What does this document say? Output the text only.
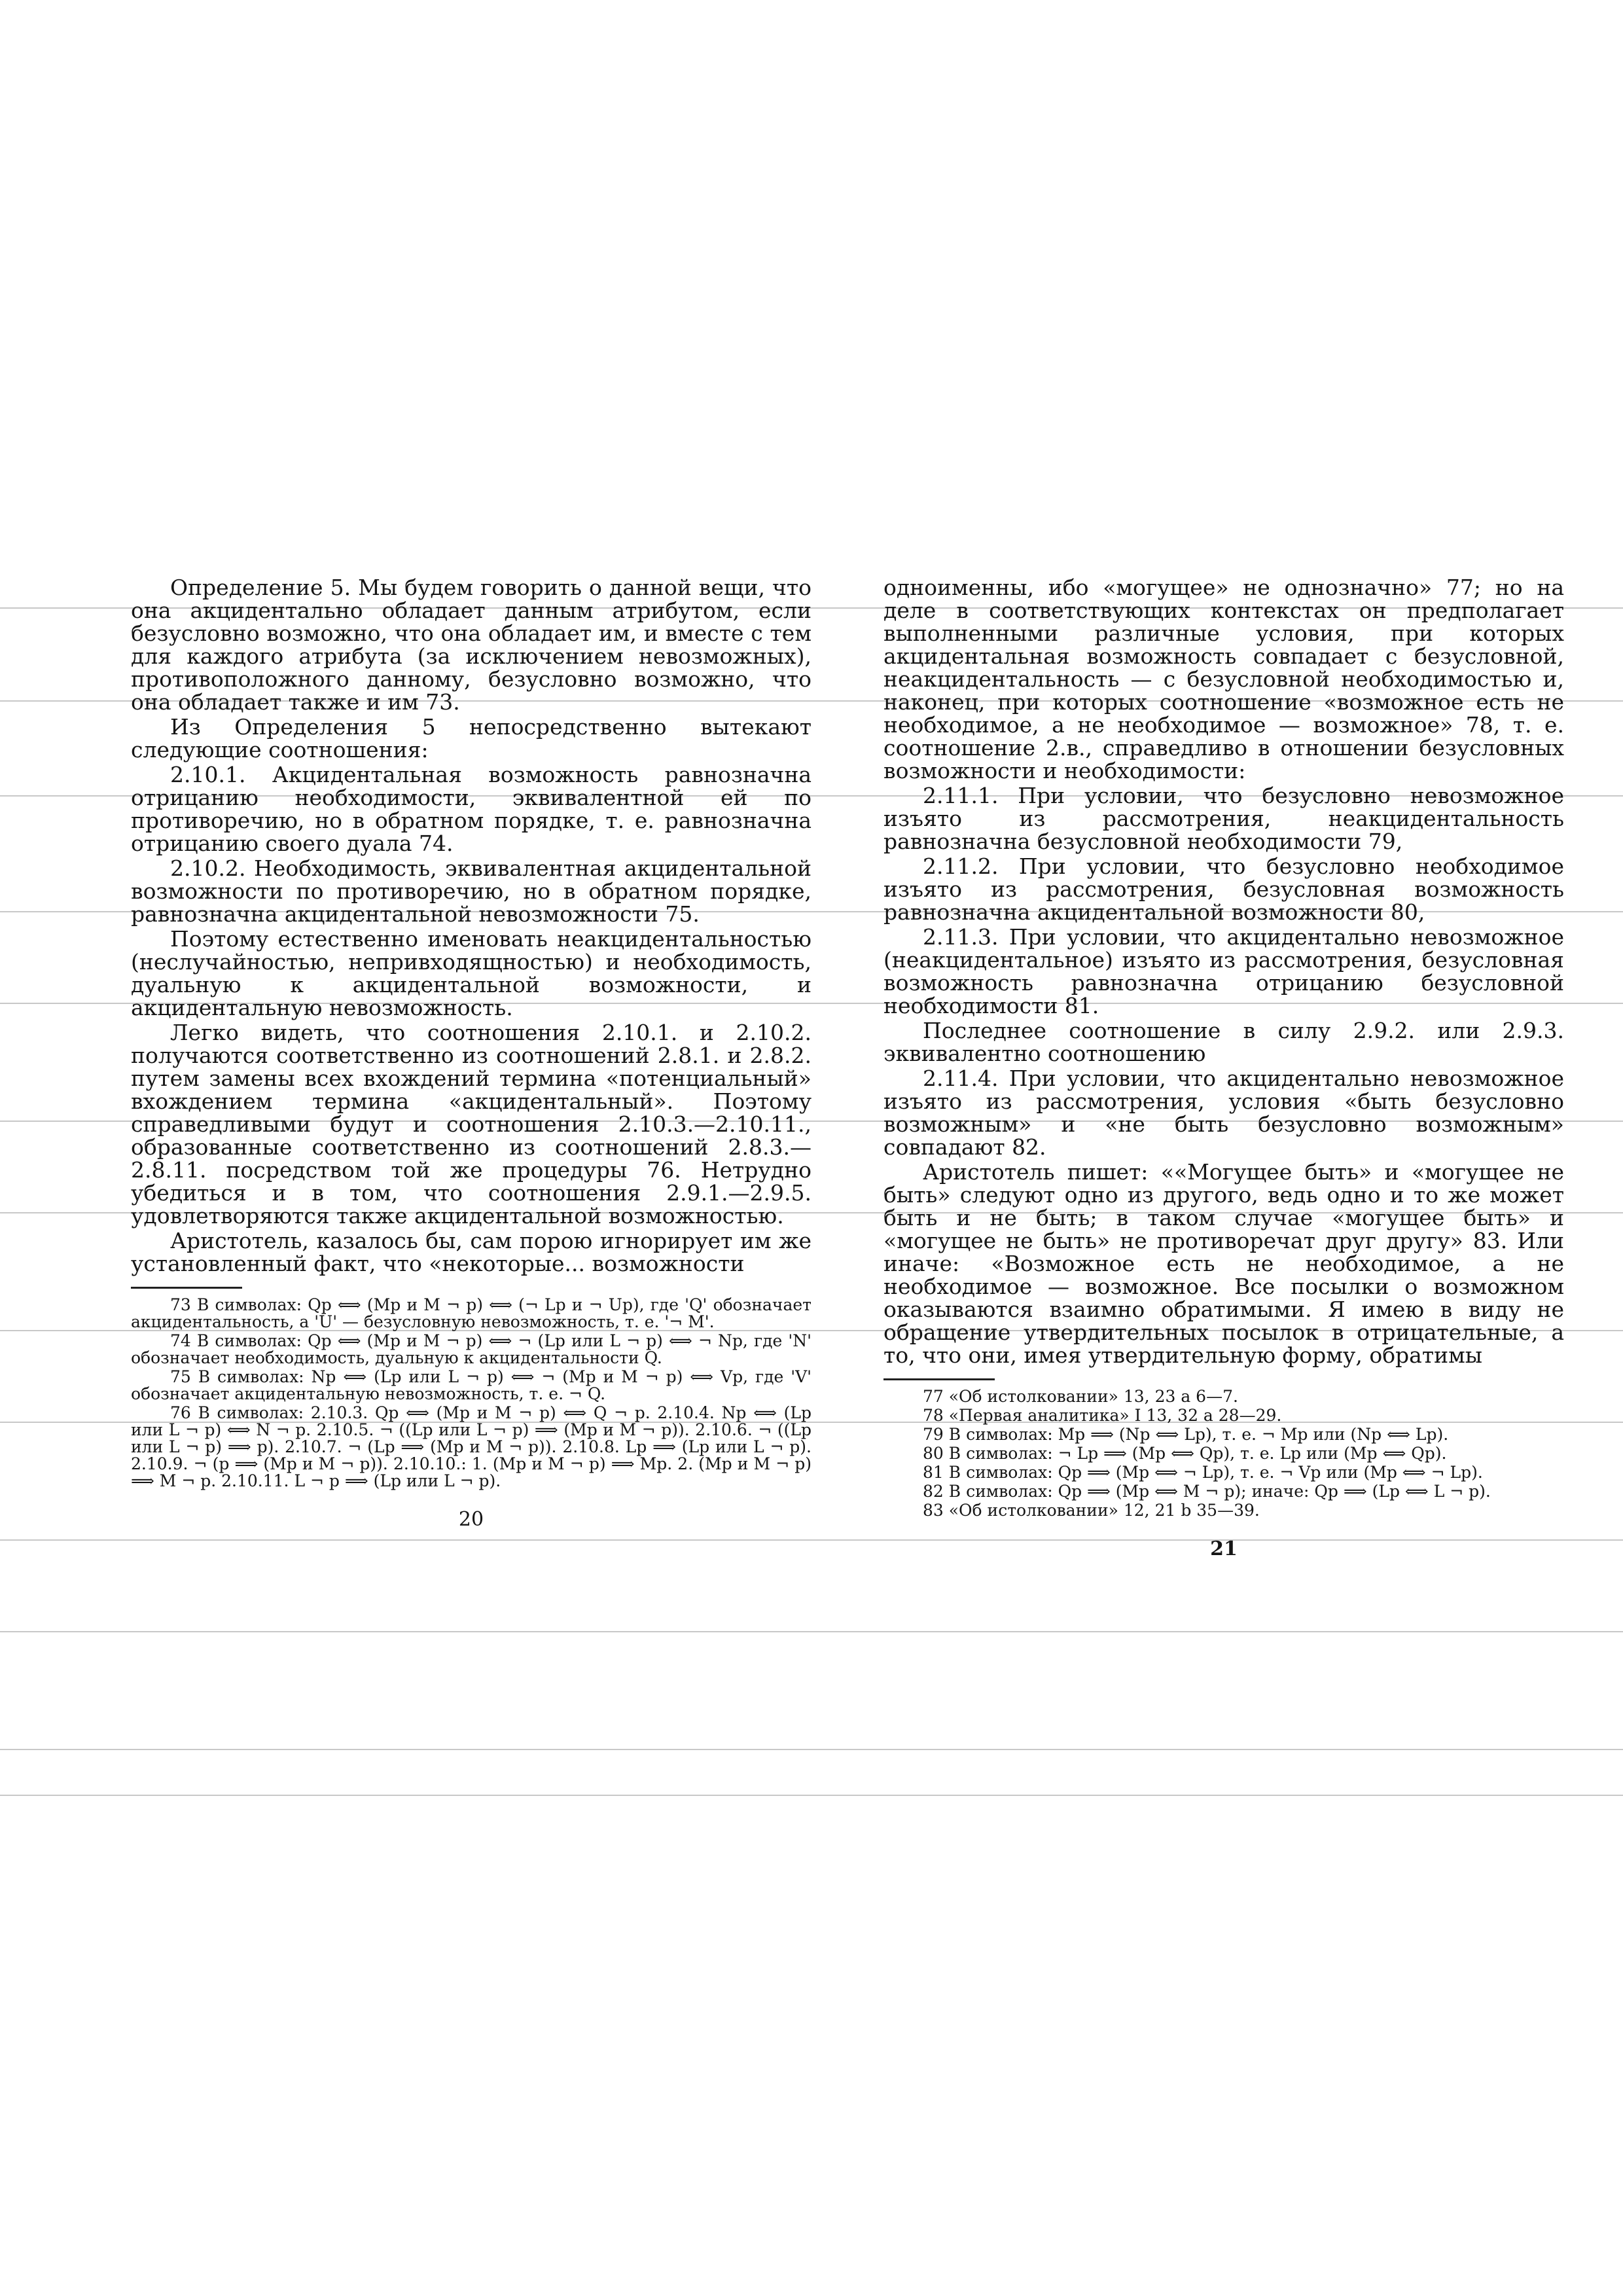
Определение 5. Мы будем говорить о данной вещи, что она акцидентально обладает данным атрибутом, если безусловно возможно, что она обладает им, и вместе с тем для каждого атрибута (за исключением невозможных), противоположного данному, безусловно возможно, что она обладает также и им 73.

Из Определения 5 непосредственно вытекают следующие соотношения:

2.10.1. Акцидентальная возможность равнозначна отрицанию необходимости, эквивалентной ей по противоречию, но в обратном порядке, т. е. равнозначна отрицанию своего дуала 74.

2.10.2. Необходимость, эквивалентная акцидентальной возможности по противоречию, но в обратном порядке, равнозначна акцидентальной невозможности 75.

Поэтому естественно именовать неакцидентальностью (неслучайностью, непривходящностью) и необходимость, дуальную к акцидентальной возможности, и акцидентальную невозможность.

Легко видеть, что соотношения 2.10.1. и 2.10.2. получаются соответственно из соотношений 2.8.1. и 2.8.2. путем замены всех вхождений термина «потенциальный» вхождением термина «акцидентальный». Поэтому справедливыми будут и соотношения 2.10.3.—2.10.11., образованные соответственно из соотношений 2.8.3.—2.8.11. посредством той же процедуры 76. Нетрудно убедиться и в том, что соотношения 2.9.1.—2.9.5. удовлетворяются также акцидентальной возможностью.

Аристотель, казалось бы, сам порою игнорирует им же установленный факт, что «некоторые... возможности

73 В символах: Qp ⟺ (Mp и M ¬ p) ⟺ (¬ Lp и ¬ Up), где 'Q' обозначает акцидентальность, а 'U' — безусловную невозможность, т. е. '¬ M'.

74 В символах: Qp ⟺ (Mp и M ¬ p) ⟺ ¬ (Lp или L ¬ p) ⟺ ¬ Np, где 'N' обозначает необходимость, дуальную к акцидентальности Q.

75 В символах: Np ⟺ (Lp или L ¬ p) ⟺ ¬ (Mp и M ¬ p) ⟺ Vp, где 'V' обозначает акцидентальную невозможность, т. е. ¬ Q.

76 В символах: 2.10.3. Qp ⟺ (Mp и M ¬ p) ⟺ Q ¬ p. 2.10.4. Np ⟺ (Lp или L ¬ p) ⟺ N ¬ p. 2.10.5. ¬ ((Lp или L ¬ p) ⟹ (Mp и M ¬ p)). 2.10.6. ¬ ((Lp или L ¬ p) ⟹ p). 2.10.7. ¬ (Lp ⟹ (Mp и M ¬ p)). 2.10.8. Lp ⟹ (Lp или L ¬ p). 2.10.9. ¬ (p ⟹ (Mp и M ¬ p)). 2.10.10.: 1. (Mp и M ¬ p) ⟹ Mp. 2. (Mp и M ¬ p) ⟹ M ¬ p. 2.10.11. L ¬ p ⟹ (Lp или L ¬ p).

20

одноименны, ибо «могущее» не однозначно» 77; но на деле в соответствующих контекстах он предполагает выполненными различные условия, при которых акцидентальная возможность совпадает с безусловной, неакцидентальность — с безусловной необходимостью и, наконец, при которых соотношение «возможное есть не необходимое, а не необходимое — возможное» 78, т. е. соотношение 2.в., справедливо в отношении безусловных возможности и необходимости:

2.11.1. При условии, что безусловно невозможное изъято из рассмотрения, неакцидентальность равнозначна безусловной необходимости 79,

2.11.2. При условии, что безусловно необходимое изъято из рассмотрения, безусловная возможность равнозначна акцидентальной возможности 80,

2.11.3. При условии, что акцидентально невозможное (неакцидентальное) изъято из рассмотрения, безусловная возможность равнозначна отрицанию безусловной необходимости 81.

Последнее соотношение в силу 2.9.2. или 2.9.3. эквивалентно соотношению

2.11.4. При условии, что акцидентально невозможное изъято из рассмотрения, условия «быть безусловно возможным» и «не быть безусловно возможным» совпадают 82.

Аристотель пишет: ««Могущее быть» и «могущее не быть» следуют одно из другого, ведь одно и то же может быть и не быть; в таком случае «могущее быть» и «могущее не быть» не противоречат друг другу» 83. Или иначе: «Возможное есть не необходимое, а не необходимое — возможное. Все посылки о возможном оказываются взаимно обратимыми. Я имею в виду не обращение утвердительных посылок в отрицательные, а то, что они, имея утвердительную форму, обратимы

77 «Об истолковании» 13, 23 а 6—7.

78 «Первая аналитика» I 13, 32 а 28—29.

79 В символах: Mp ⟹ (Np ⟺ Lp), т. е. ¬ Mp или (Np ⟺ Lp).

80 В символах: ¬ Lp ⟹ (Mp ⟺ Qp), т. е. Lp или (Mp ⟺ Qp).

81 В символах: Qp ⟹ (Mp ⟺ ¬ Lp), т. е. ¬ Vp или (Mp ⟺ ¬ Lp).

82 В символах: Qp ⟹ (Mp ⟺ M ¬ p); иначе: Qp ⟹ (Lp ⟺ L ¬ p).

83 «Об истолковании» 12, 21 b 35—39.

21
